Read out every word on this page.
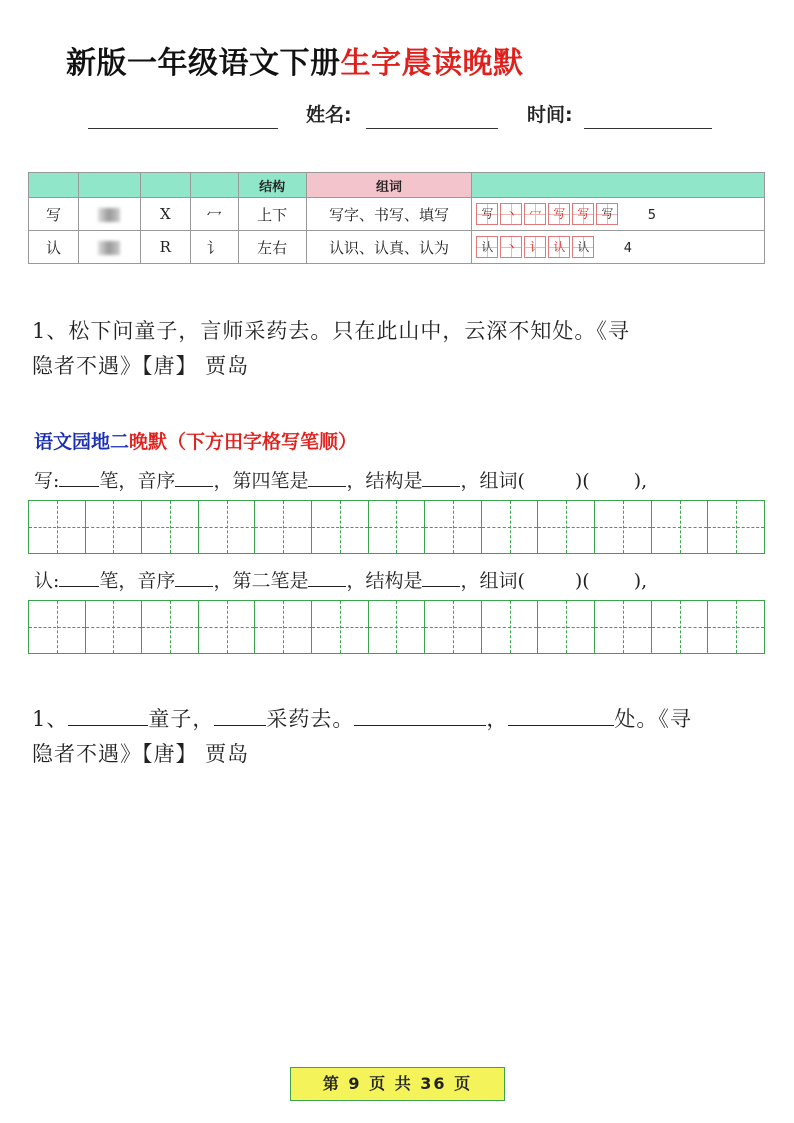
新版一年级语文下册生字晨读晚默
姓名:	时间:
				结构	组词	
写		X	冖	上下	写字、书写、填写	写 丶 冖 写 写 写 5

认		R	讠	左右	认识、认真、认为	认 丶 讠 认 认 4
1、松下问童子，言师采药去。只在此山中，云深不知处。《寻
隐者不遇》【唐】 贾岛
语文园地二晚默（下方田字格写笔顺）
写: 笔，音序 ，第四笔是 ，结构是 ，组词(	)( ),
认: 笔，音序 ，第二笔是 ，结构是 ，组词(	)( ),
1、	童子， 采药去。	，	处。《寻
隐者不遇》【唐】 贾岛
第 9 页 共 36 页
